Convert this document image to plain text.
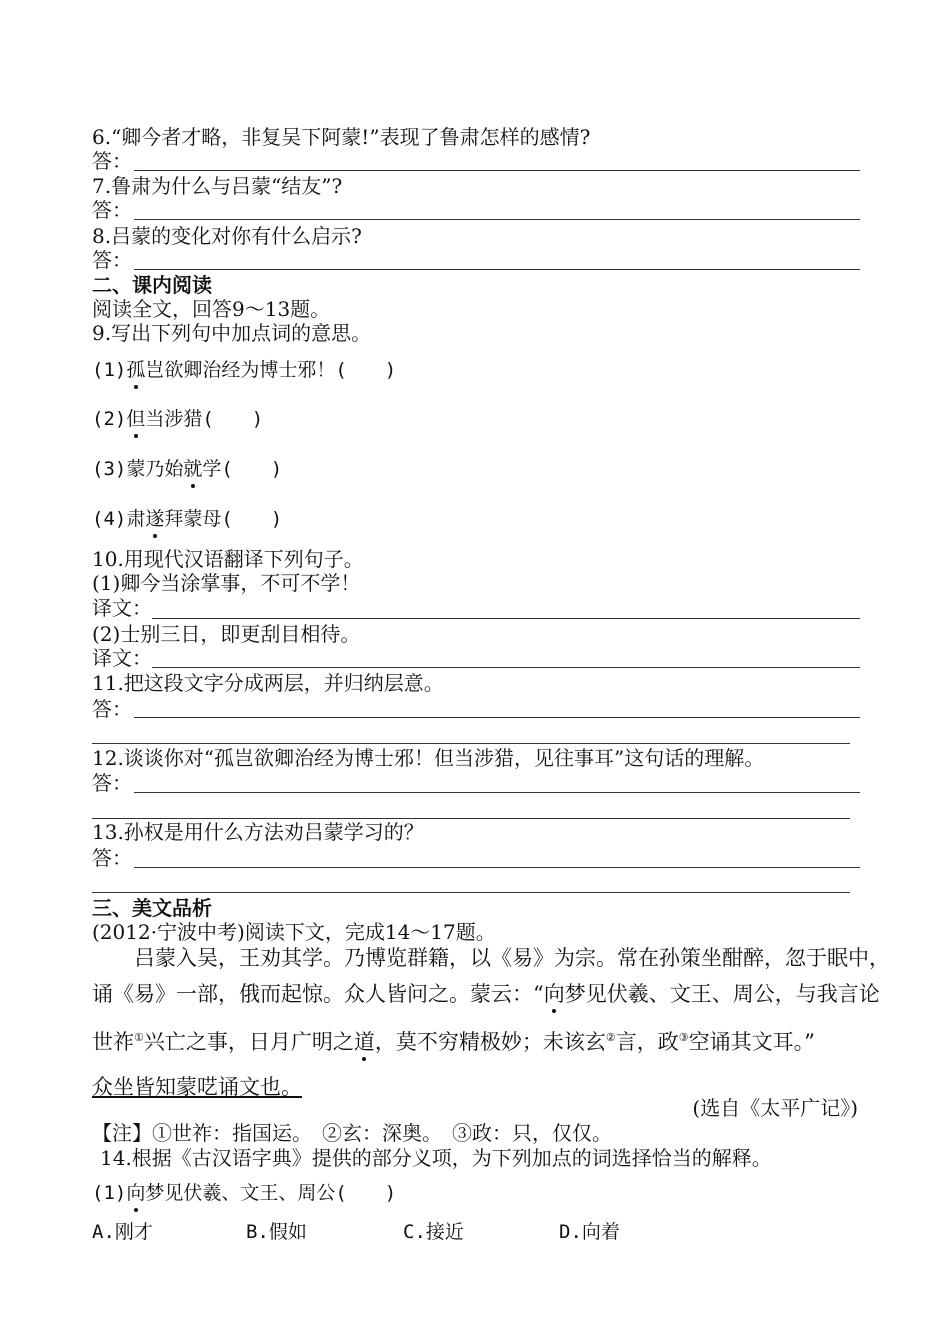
6.“卿今者才略，非复吴下阿蒙!”表现了鲁肃怎样的感情?
答：
7.鲁肃为什么与吕蒙“结友”?
答：
8.吕蒙的变化对你有什么启示?
答：
二、课内阅读
阅读全文，回答9～13题。
9.写出下列句中加点词的意思。
(1)孤岂欲卿治经为博士邪！(　　)
(2)但当涉猎(　　)
(3)蒙乃始就学(　　)
(4)肃遂拜蒙母(　　)
10.用现代汉语翻译下列句子。
(1)卿今当涂掌事，不可不学！
译文：
(2)士别三日，即更刮目相待。
译文：
11.把这段文字分成两层，并归纳层意。
答：
12.谈谈你对“孤岂欲卿治经为博士邪！但当涉猎，见往事耳”这句话的理解。
答：
13.孙权是用什么方法劝吕蒙学习的？
答：
三、美文品析
(2012·宁波中考)阅读下文，完成14～17题。
　　吕蒙入吴，王劝其学。乃博览群籍，以《易》为宗。常在孙策坐酣醉，忽于眠中，
诵《易》一部，俄而起惊。众人皆问之。蒙云：“向梦见伏羲、文王、周公，与我言论
世祚①兴亡之事，日月广明之道，莫不穷精极妙；未该玄②言，政③空诵其文耳。”
众坐皆知蒙呓诵文也。
(选自《太平广记》)
【注】①世祚：指国运。　②玄：深奥。　③政：只，仅仅。
14.根据《古汉语字典》提供的部分义项，为下列加点的词选择恰当的解释。
(1)向梦见伏羲、文王、周公(　　)
A.刚才	B.假如	C.接近	D.向着
